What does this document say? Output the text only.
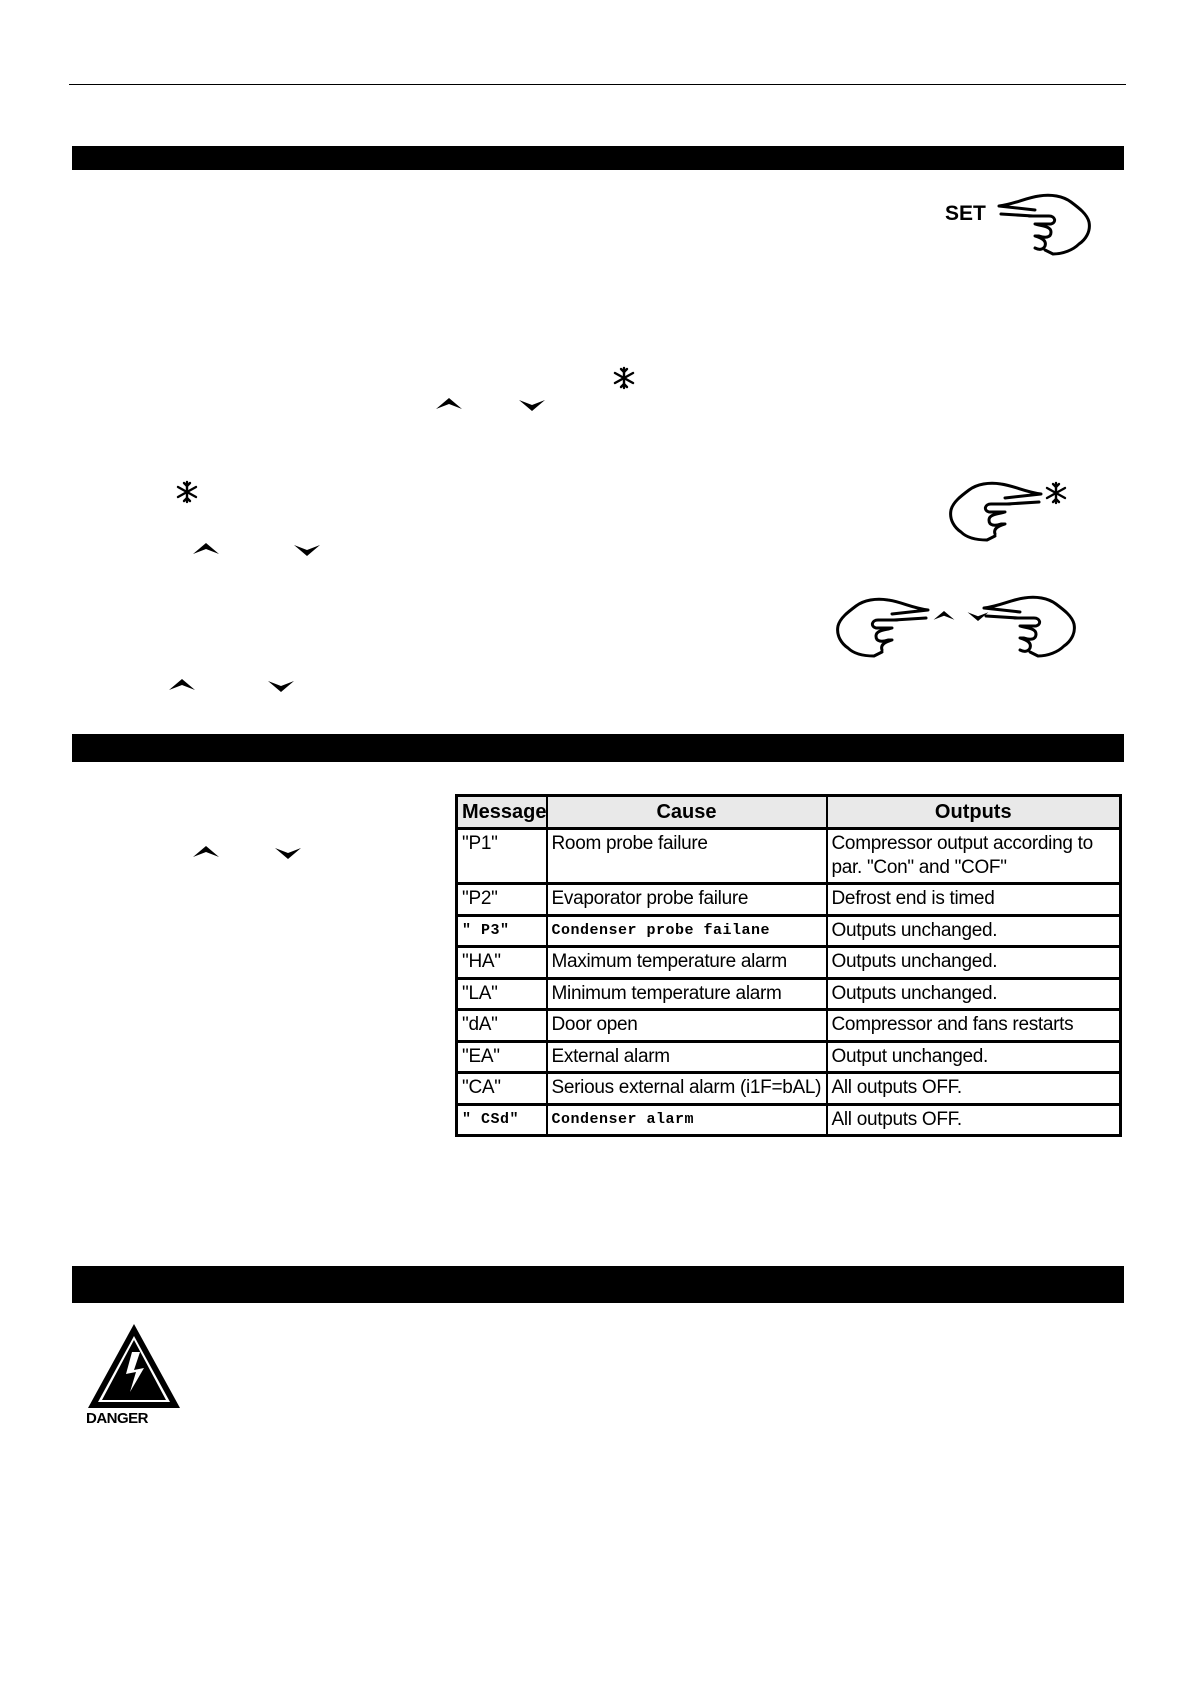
SET
Message	Cause	Outputs
"P1"	Room probe failure	Compressor output according to par. "Con" and "COF"
"P2"	Evaporator probe failure	Defrost end is timed
" P3"	Condenser probe failane	Outputs unchanged.
"HA"	Maximum temperature alarm	Outputs unchanged.
"LA"	Minimum temperature alarm	Outputs unchanged.
"dA"	Door open	Compressor and fans restarts
"EA"	External alarm	Output unchanged.
"CA"	Serious external alarm (i1F=bAL)	All outputs OFF.
" CSd"	Condenser alarm	All outputs OFF.
DANGER
